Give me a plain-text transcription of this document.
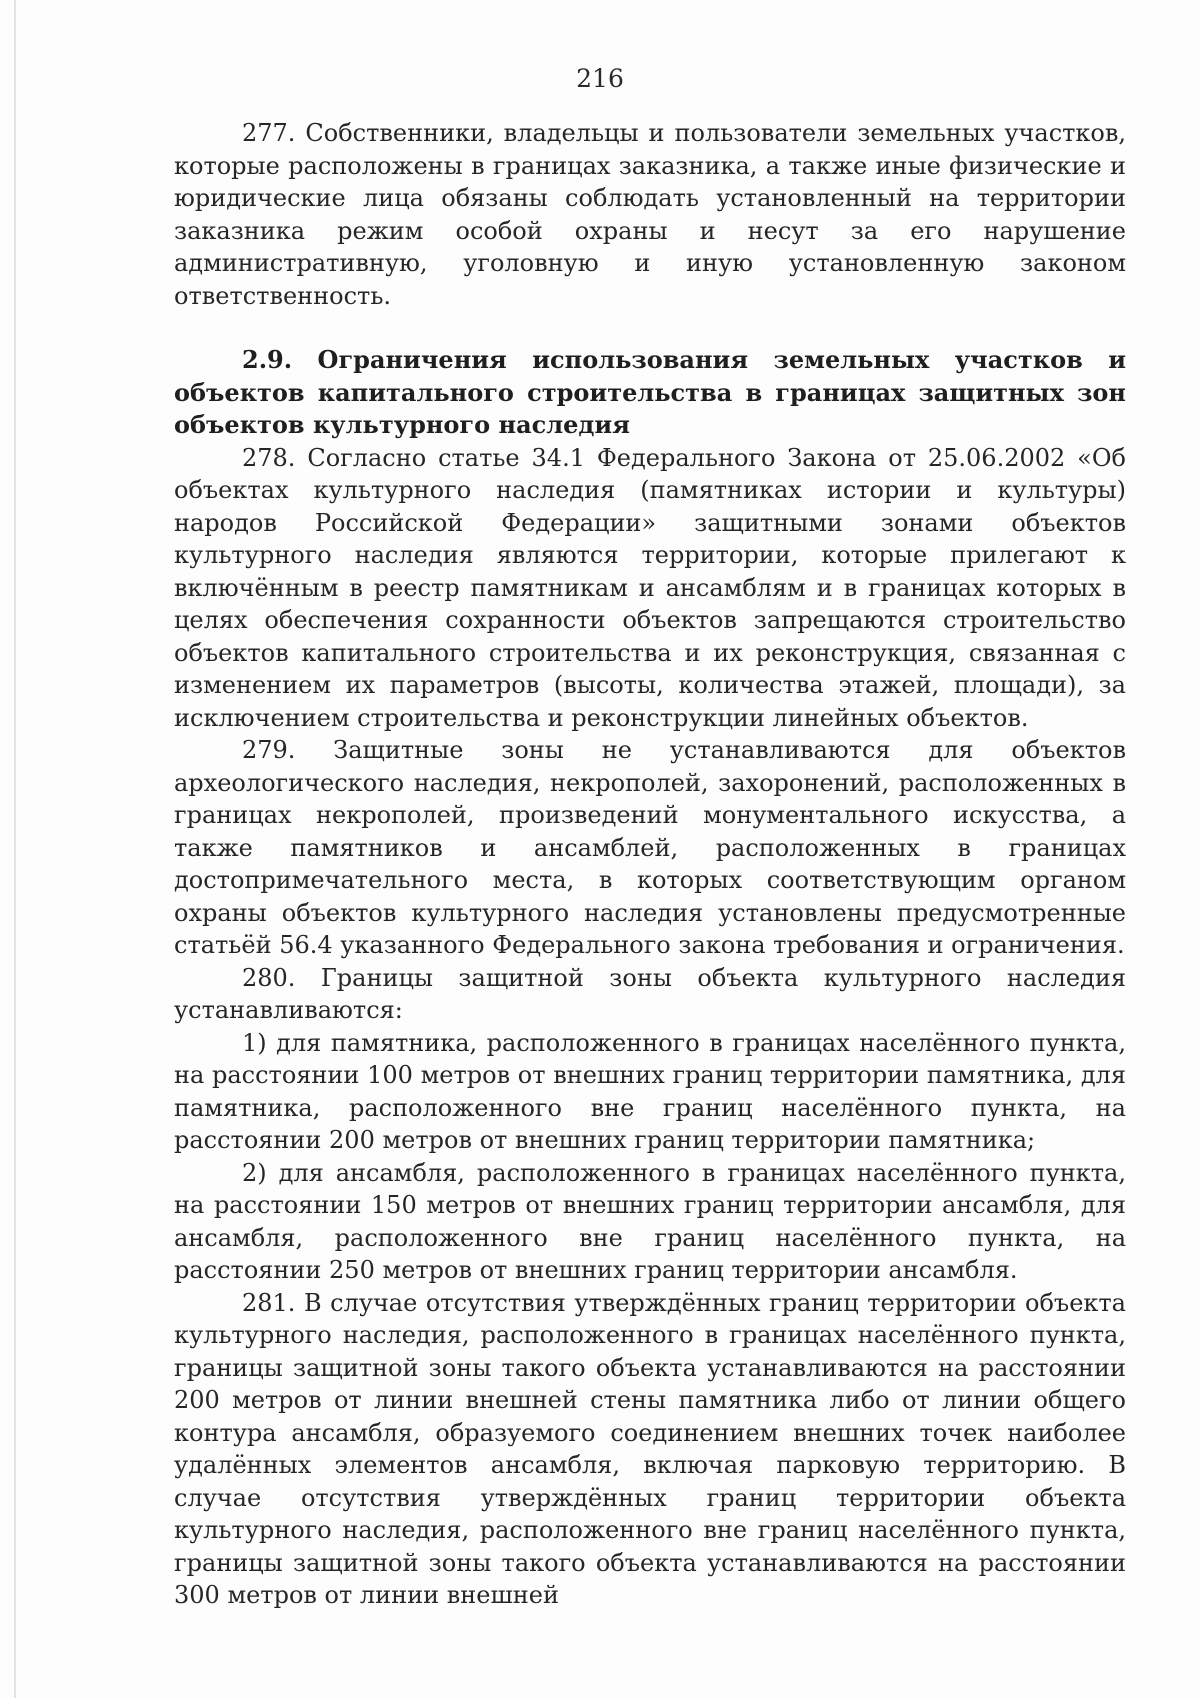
216

277. Собственники, владельцы и пользователи земельных участков, которые расположены в границах заказника, а также иные физические и юридические лица обязаны соблюдать установленный на территории заказника режим особой охраны и несут за его нарушение административную, уголовную и иную установленную законом ответственность.

2.9. Ограничения использования земельных участков и объектов капитального строительства в границах защитных зон объектов культурного наследия

278. Согласно статье 34.1 Федерального Закона от 25.06.2002 «Об объектах культурного наследия (памятниках истории и культуры) народов Российской Федерации» защитными зонами объектов культурного наследия являются территории, которые прилегают к включённым в реестр памятникам и ансамблям и в границах которых в целях обеспечения сохранности объектов запрещаются строительство объектов капитального строительства и их реконструкция, связанная с изменением их параметров (высоты, количества этажей, площади), за исключением строительства и реконструкции линейных объектов.

279. Защитные зоны не устанавливаются для объектов археологического наследия, некрополей, захоронений, расположенных в границах некрополей, произведений монументального искусства, а также памятников и ансамблей, расположенных в границах достопримечательного места, в которых соответствующим органом охраны объектов культурного наследия установлены предусмотренные статьёй 56.4 указанного Федерального закона требования и ограничения.

280. Границы защитной зоны объекта культурного наследия устанавливаются:

1) для памятника, расположенного в границах населённого пункта, на расстоянии 100 метров от внешних границ территории памятника, для памятника, расположенного вне границ населённого пункта, на расстоянии 200 метров от внешних границ территории памятника;

2) для ансамбля, расположенного в границах населённого пункта, на расстоянии 150 метров от внешних границ территории ансамбля, для ансамбля, расположенного вне границ населённого пункта, на расстоянии 250 метров от внешних границ территории ансамбля.

281. В случае отсутствия утверждённых границ территории объекта культурного наследия, расположенного в границах населённого пункта, границы защитной зоны такого объекта устанавливаются на расстоянии 200 метров от линии внешней стены памятника либо от линии общего контура ансамбля, образуемого соединением внешних точек наиболее удалённых элементов ансамбля, включая парковую территорию. В случае отсутствия утверждённых границ территории объекта культурного наследия, расположенного вне границ населённого пункта, границы защитной зоны такого объекта устанавливаются на расстоянии 300 метров от линии внешней
